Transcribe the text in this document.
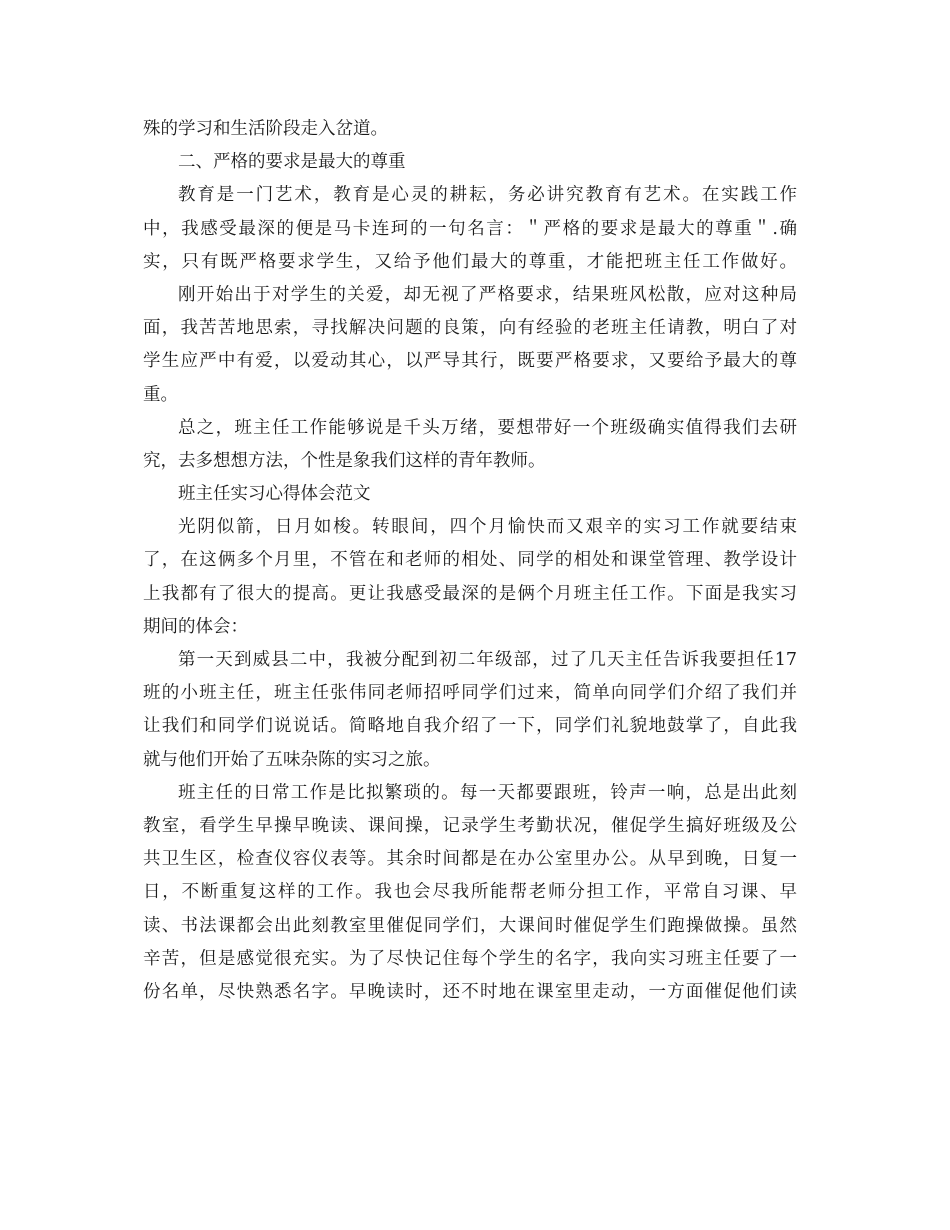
殊的学习和生活阶段走入岔道。
二、严格的要求是最大的尊重
教育是一门艺术，教育是心灵的耕耘，务必讲究教育有艺术。在实践工作
中，我感受最深的便是马卡连珂的一句名言：＂严格的要求是最大的尊重＂.确
实，只有既严格要求学生，又给予他们最大的尊重，才能把班主任工作做好。
刚开始出于对学生的关爱，却无视了严格要求，结果班风松散，应对这种局
面，我苦苦地思索，寻找解决问题的良策，向有经验的老班主任请教，明白了对
学生应严中有爱，以爱动其心，以严导其行，既要严格要求，又要给予最大的尊
重。
总之，班主任工作能够说是千头万绪，要想带好一个班级确实值得我们去研
究，去多想想方法，个性是象我们这样的青年教师。
班主任实习心得体会范文
光阴似箭，日月如梭。转眼间，四个月愉快而又艰辛的实习工作就要结束
了，在这俩多个月里，不管在和老师的相处、同学的相处和课堂管理、教学设计
上我都有了很大的提高。更让我感受最深的是俩个月班主任工作。下面是我实习
期间的体会：
第一天到威县二中，我被分配到初二年级部，过了几天主任告诉我要担任17
班的小班主任，班主任张伟同老师招呼同学们过来，简单向同学们介绍了我们并
让我们和同学们说说话。简略地自我介绍了一下，同学们礼貌地鼓掌了，自此我
就与他们开始了五味杂陈的实习之旅。
班主任的日常工作是比拟繁琐的。每一天都要跟班，铃声一响，总是出此刻
教室，看学生早操早晚读、课间操，记录学生考勤状况，催促学生搞好班级及公
共卫生区，检查仪容仪表等。其余时间都是在办公室里办公。从早到晚，日复一
日，不断重复这样的工作。我也会尽我所能帮老师分担工作，平常自习课、早
读、书法课都会出此刻教室里催促同学们，大课间时催促学生们跑操做操。虽然
辛苦，但是感觉很充实。为了尽快记住每个学生的名字，我向实习班主任要了一
份名单，尽快熟悉名字。早晚读时，还不时地在课室里走动，一方面催促他们读
